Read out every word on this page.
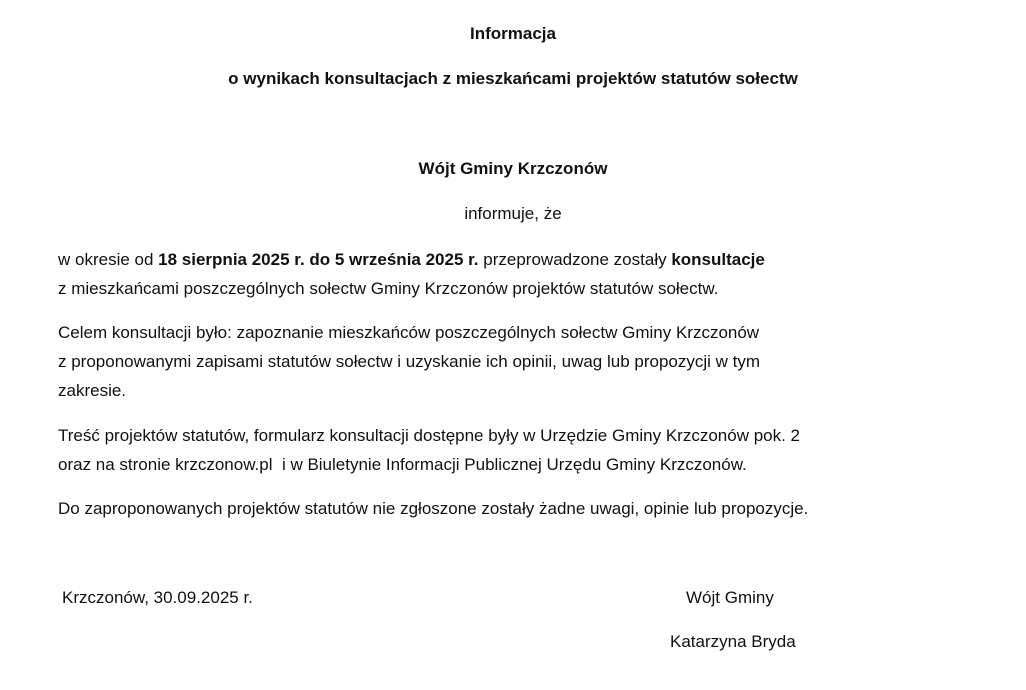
Informacja
o wynikach konsultacjach z mieszkańcami projektów statutów sołectw
Wójt Gminy Krzczonów
informuje, że

w okresie od 18 sierpnia 2025 r. do 5 września 2025 r. przeprowadzone zostały konsultacje
z mieszkańcami poszczególnych sołectw Gminy Krzczonów projektów statutów sołectw.

Celem konsultacji było: zapoznanie mieszkańców poszczególnych sołectw Gminy Krzczonów
z proponowanymi zapisami statutów sołectw i uzyskanie ich opinii, uwag lub propozycji w tym
zakresie.

Treść projektów statutów, formularz konsultacji dostępne były w Urzędzie Gminy Krzczonów pok. 2
oraz na stronie krzczonow.pl  i w Biuletynie Informacji Publicznej Urzędu Gminy Krzczonów.

Do zaproponowanych projektów statutów nie zgłoszone zostały żadne uwagi, opinie lub propozycje.

Krzczonów, 30.09.2025 r.	Wójt Gminy
Katarzyna Bryda
